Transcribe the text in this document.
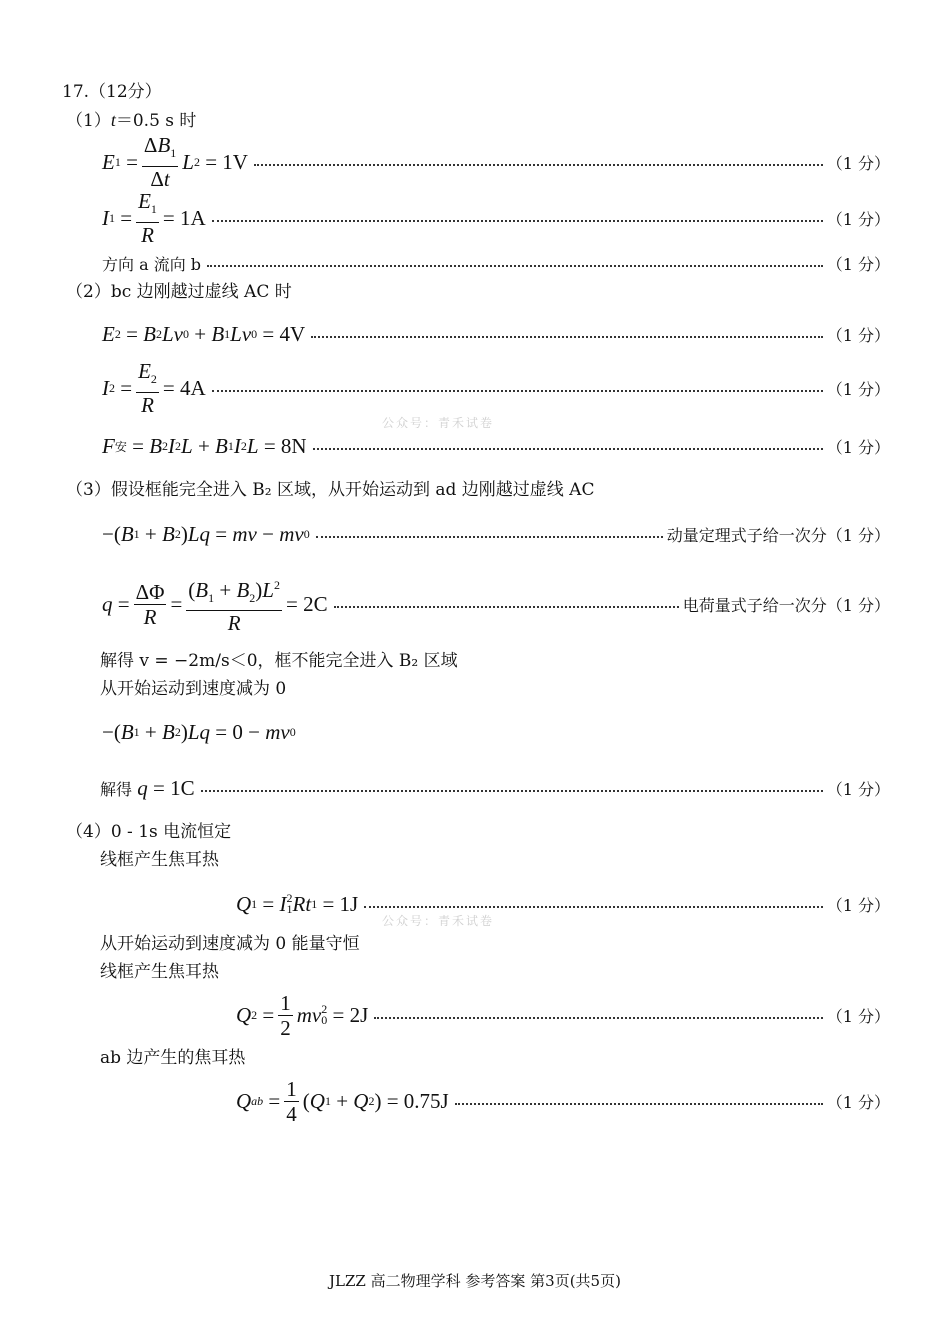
17.（12分）
（1）t＝0.5 s 时
E $1 = \frac{\Delta B_1}{\Delta t}$ L 2 = 1V	（1 分）
I $1 = \frac{E_1}{R} = 1A$	（1 分）
方向 a 流向 b	（1 分）
（2）bc 边刚越过虚线 AC 时
E 2 = B 2 Lv 0 + B 1 Lv 0 = 4V	（1 分）
I $2 = \frac{E_2}{R} = 4A$	（1 分）
公众号：青禾试卷
F 安 = B 2 I 2 L + B 1 I 2 L = 8N	（1 分）
（3）假设框能完全进入 B₂ 区域，从开始运动到 ad 边刚越过虚线 AC
−( B 1 + B 2 ) Lq = mv − mv 0	动量定理式子给一次分 （1 分）
$q = \frac{\Delta\Phi}{R} = \frac{(B_1 + B_2)L^2}{R} = 2C$	电荷量式子给一次分 （1 分）
解得 v = −2m/s＜0，框不能完全进入 B₂ 区域
从开始运动到速度减为 0
−( B 1 + B 2 ) Lq = 0 − mv 0
解得
q = 1C	（1 分）
（4）0 - 1s 电流恒定
线框产生焦耳热
Q 1 = I 2
1 Rt 1 = 1J	（1 分）
公众号：青禾试卷
从开始运动到速度减为 0 能量守恒
线框产生焦耳热
Q $2 = \frac{1}{2}$ mv 2
0 = 2J	（1 分）
ab 边产生的焦耳热
Q ab = $\frac{1}{4}$ ( Q 1 + Q 2 ) = 0.75J	（1 分）
JLZZ 高二物理学科 参考答案 第3页(共5页)
